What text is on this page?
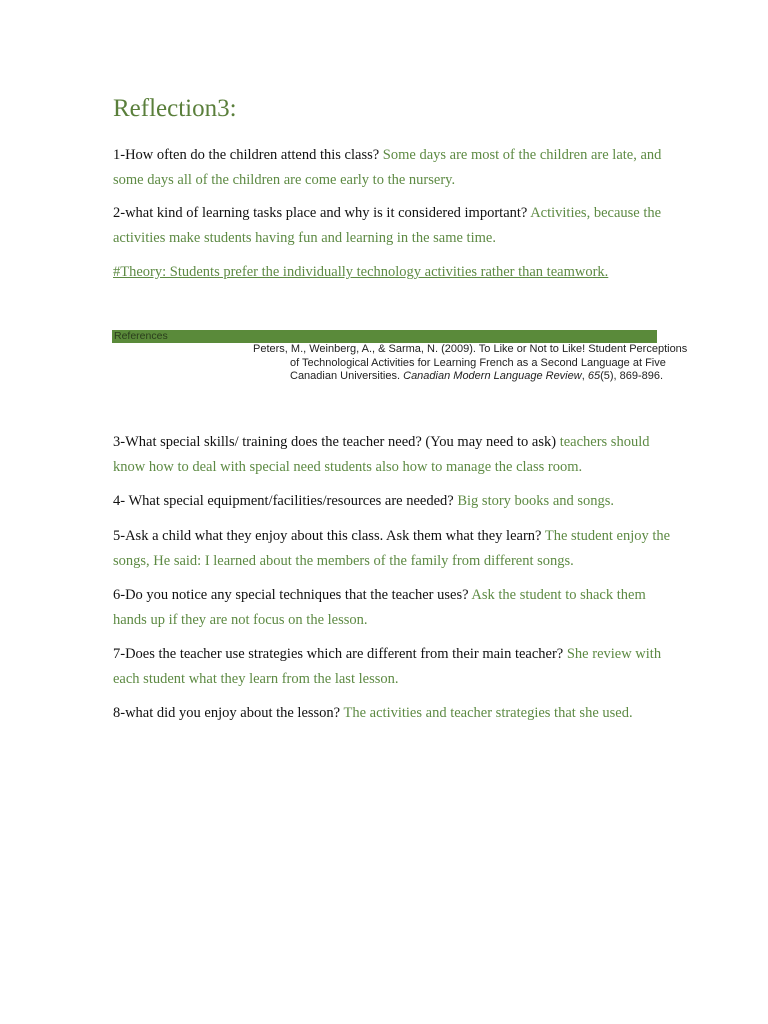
Reflection3:

1-How often do the children attend this class? Some days are most of the children are late, and some days all of the children are come early to the nursery.

2-what kind of learning tasks place and why is it considered important? Activities, because the activities make students having fun and learning in the same time.

#Theory: Students prefer the individually technology activities rather than teamwork.

References

Peters, M., Weinberg, A., & Sarma, N. (2009). To Like or Not to Like! Student Perceptions of Technological Activities for Learning French as a Second Language at Five Canadian Universities. Canadian Modern Language Review, 65(5), 869-896.

3-What special skills/ training does the teacher need? (You may need to ask) teachers should know how to deal with special need students also how to manage the class room.

4- What special equipment/facilities/resources are needed? Big story books and songs.

5-Ask a child what they enjoy about this class. Ask them what they learn? The student enjoy the songs, He said: I learned about the members of the family from different songs.

6-Do you notice any special techniques that the teacher uses? Ask the student to shack them hands up if they are not focus on the lesson.

7-Does the teacher use strategies which are different from their main teacher? She review with each student what they learn from the last lesson.

8-what did you enjoy about the lesson? The activities and teacher strategies that she used.
